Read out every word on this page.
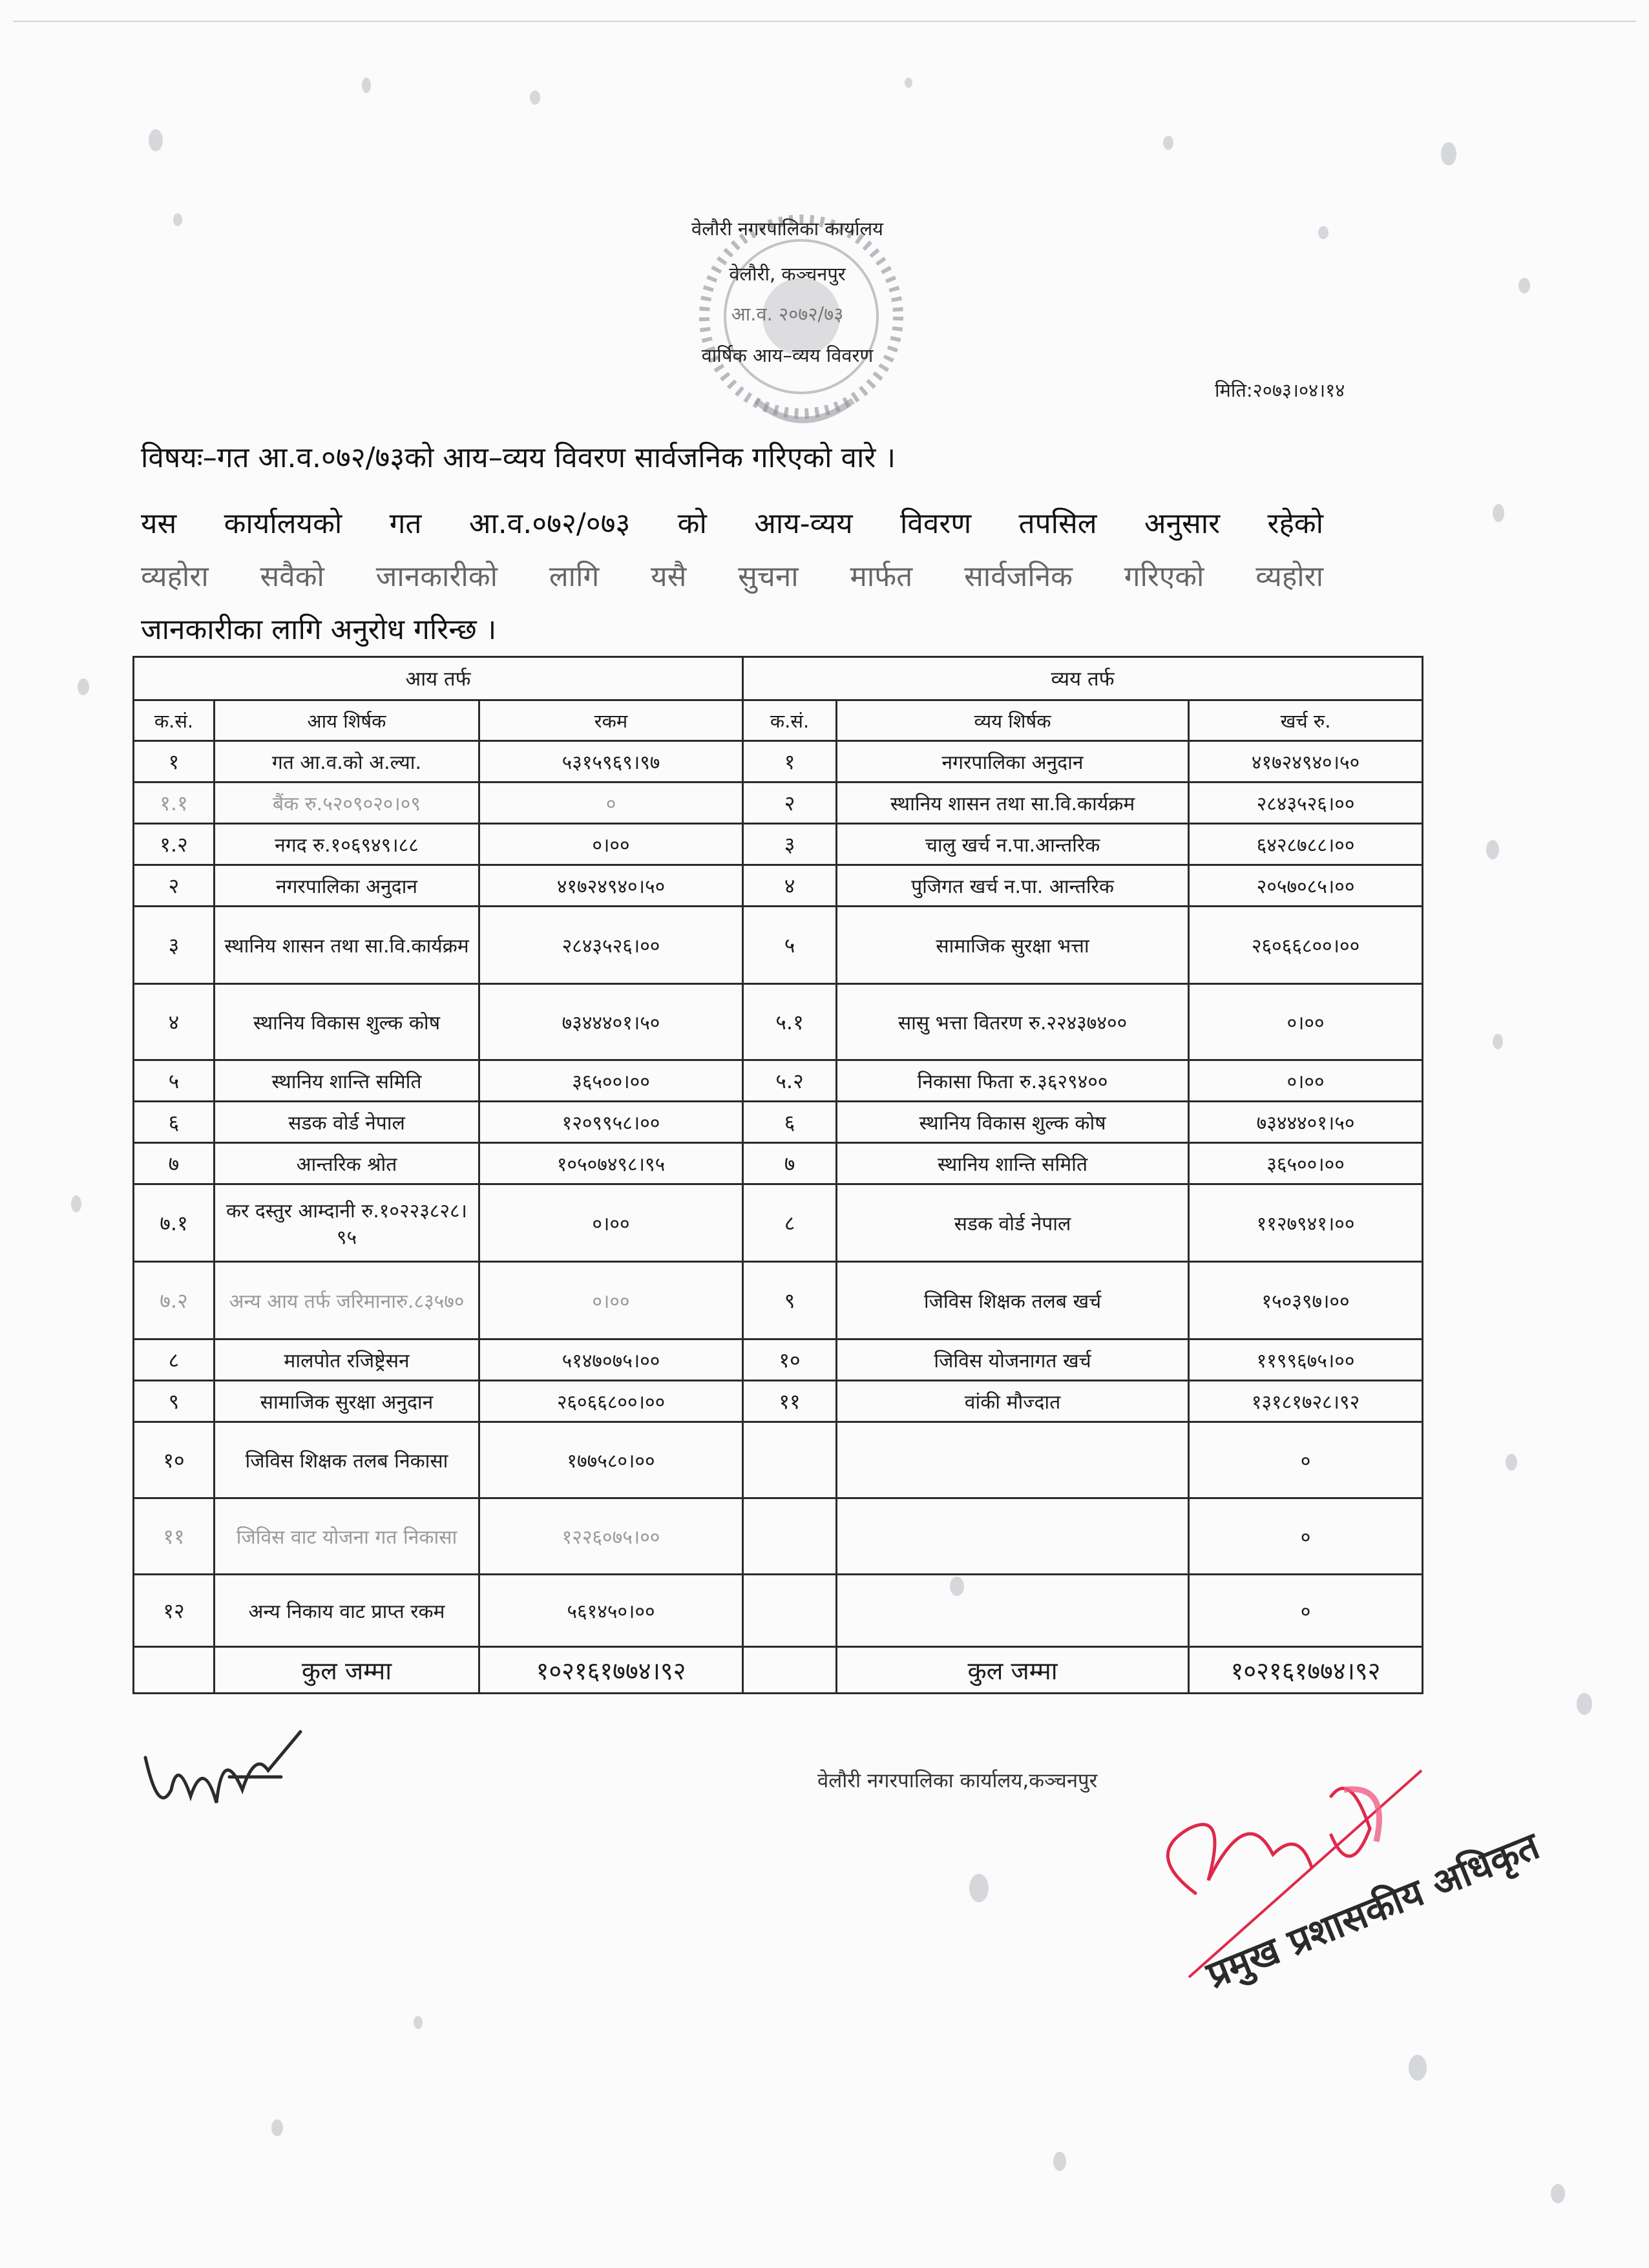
वेलौरी नगरपालिका कार्यालय
वेलौरी, कञ्चनपुर
आ.व. २०७२/७३
वार्षिक आय–व्यय विवरण
मिति:२०७३।०४।१४
विषयः–गत आ.व.०७२/७३को आय–व्यय विवरण सार्वजनिक गरिएको वारे ।
यस कार्यालयको गत आ.व.०७२/०७३ को आय-व्यय विवरण तपसिल अनुसार रहेको
व्यहोरा सवैको जानकारीको लागि यसै सुचना मार्फत सार्वजनिक गरिएको व्यहोरा
जानकारीका लागि अनुरोध गरिन्छ ।
आय तर्फ			व्यय तर्फ		
क.सं.	आय शिर्षक	रकम	क.सं.	व्यय शिर्षक	खर्च रु.
१	गत आ.व.को अ.ल्या.	५३१५९६९।९७	१	नगरपालिका अनुदान	४१७२४९४०।५०
१.१	बैंक रु.५२०९०२०।०९	०	२	स्थानिय शासन तथा सा.वि.कार्यक्रम	२८४३५२६।००
१.२	नगद रु.१०६९४९।८८	०।००	३	चालु खर्च न.पा.आन्तरिक	६४२८७८८।००
२	नगरपालिका अनुदान	४१७२४९४०।५०	४	पुजिगत खर्च न.पा. आन्तरिक	२०५७०८५।००
३	स्थानिय शासन तथा सा.वि.कार्यक्रम	२८४३५२६।००	५	सामाजिक सुरक्षा भत्ता	२६०६६८००।००
४	स्थानिय विकास शुल्क कोष	७३४४४०१।५०	५.१	सासु भत्ता वितरण रु.२२४३७४००	०।००
५	स्थानिय शान्ति समिति	३६५००।००	५.२	निकासा फिता रु.३६२९४००	०।००
६	सडक वोर्ड नेपाल	१२०९९५८।००	६	स्थानिय विकास शुल्क कोष	७३४४४०१।५०
७	आन्तरिक श्रोत	१०५०७४९८।९५	७	स्थानिय शान्ति समिति	३६५००।००
७.१	कर दस्तुर आम्दानी रु.१०२२३८२८।९५	०।००	८	सडक वोर्ड नेपाल	११२७९४१।००
७.२	अन्य आय तर्फ जरिमानारु.८३५७०	०।००	९	जिविस शिक्षक तलब खर्च	१५०३९७।००
८	मालपोत रजिष्ट्रेसन	५१४७०७५।००	१०	जिविस योजनागत खर्च	११९९६७५।००
९	सामाजिक सुरक्षा अनुदान	२६०६६८००।००	११	वांकी मौज्दात	१३१८१७२८।९२
१०	जिविस शिक्षक तलब निकासा	१७७५८०।००			०
११	जिविस वाट योजना गत निकासा	१२२६०७५।००			०
१२	अन्य निकाय वाट प्राप्त रकम	५६१४५०।००			०
	कुल जम्मा	१०२१६१७७४।९२		कुल जम्मा	१०२१६१७७४।९२
वेलौरी नगरपालिका कार्यालय,कञ्चनपुर
प्रमुख प्रशासकीय अधिकृत
